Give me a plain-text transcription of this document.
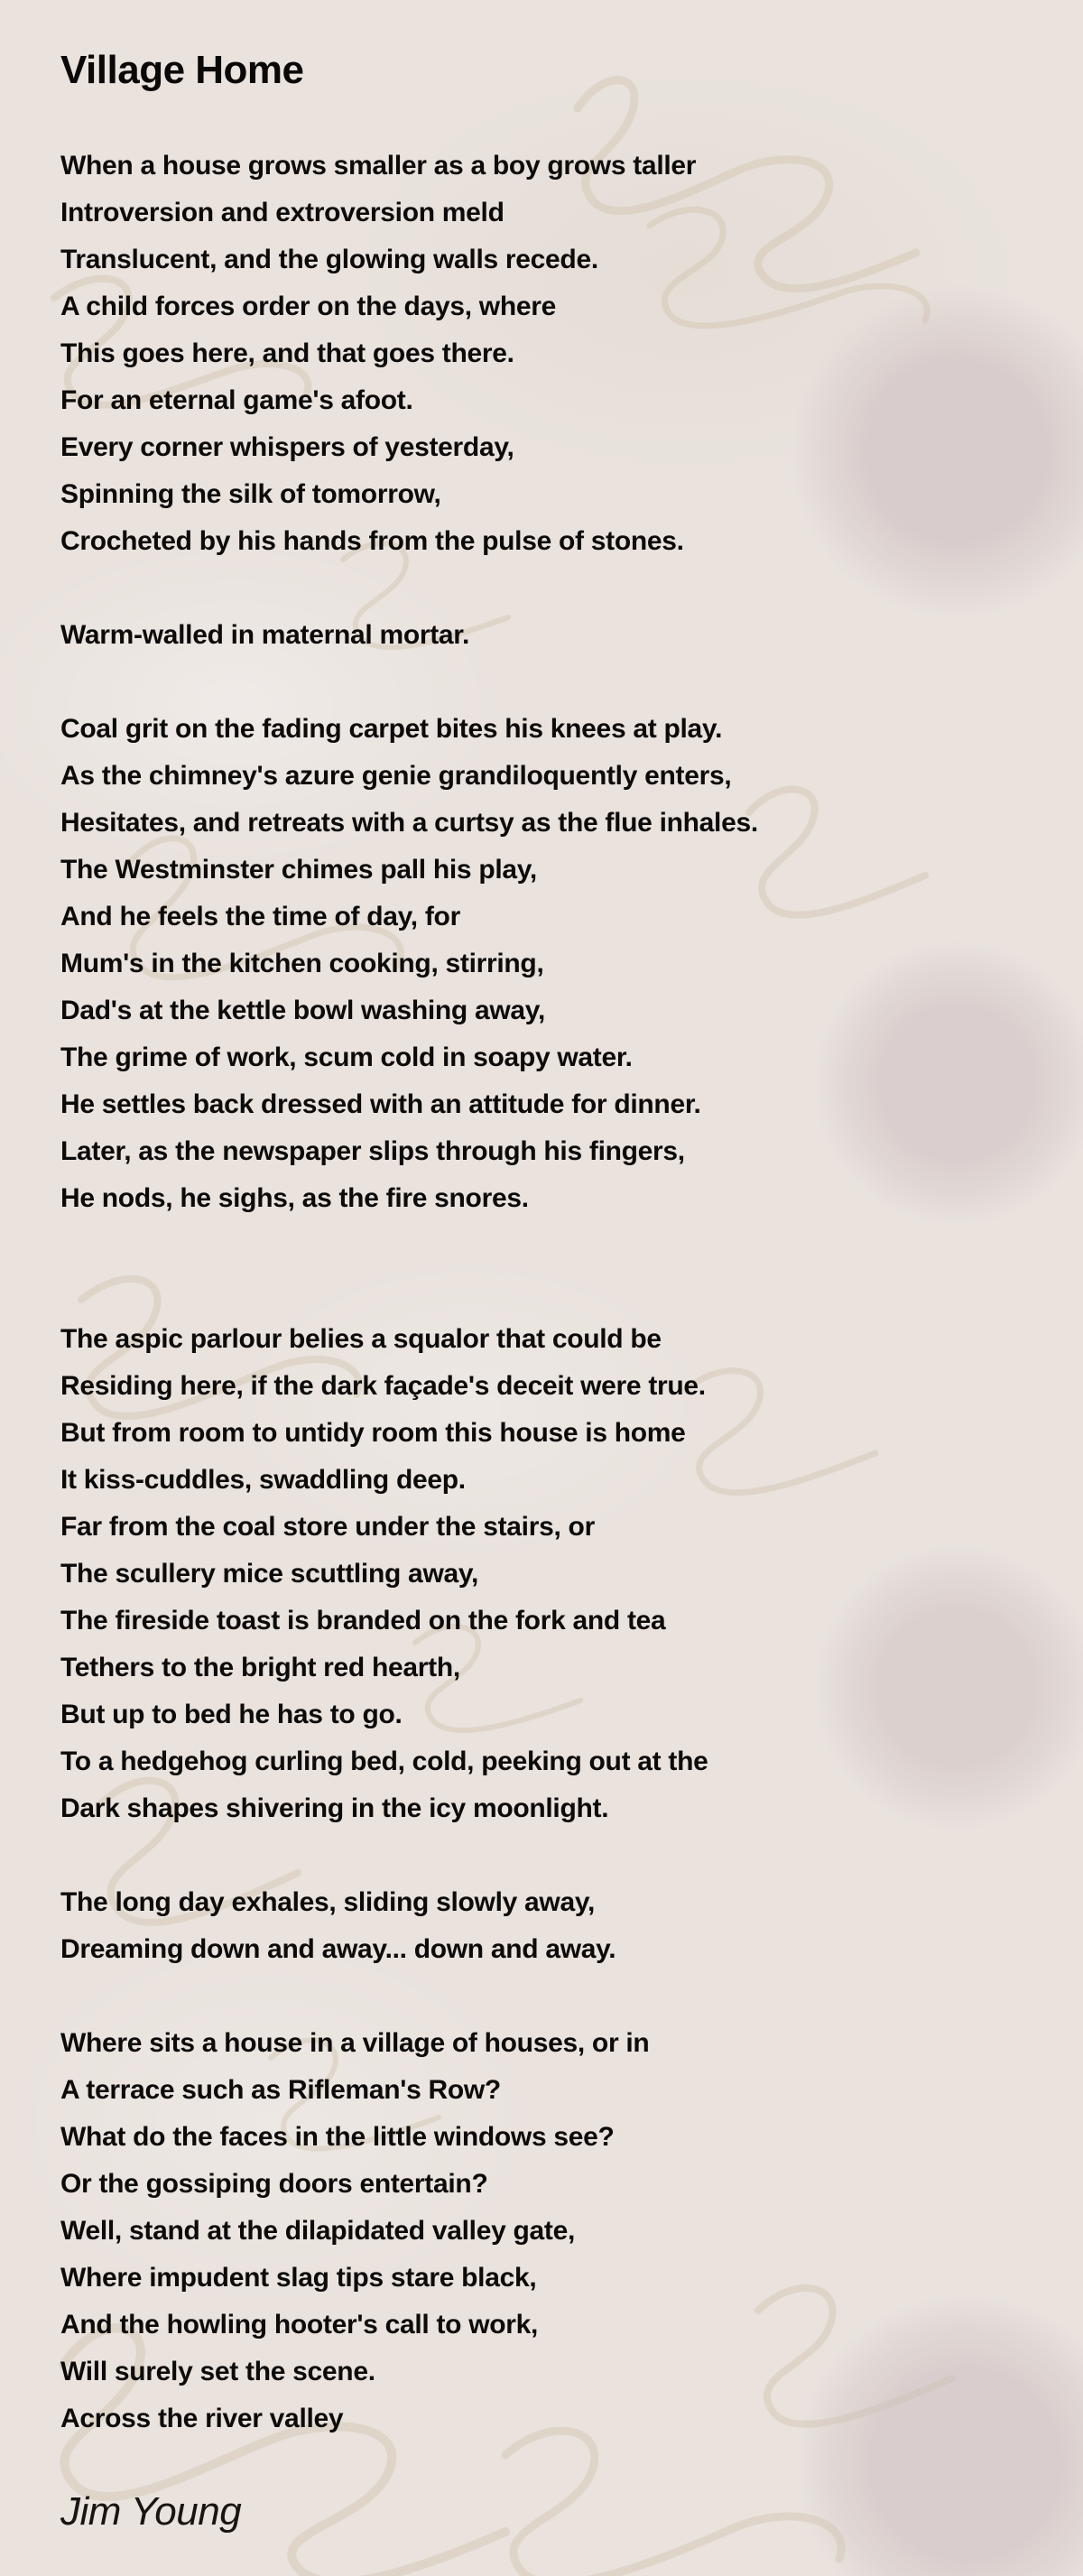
Village Home

When a house grows smaller as a boy grows taller

Introversion and extroversion meld

Translucent, and the glowing walls recede.

A child forces order on the days, where

This goes here, and that goes there.

For an eternal game's afoot.

Every corner whispers of yesterday,

Spinning the silk of tomorrow,

Crocheted by his hands from the pulse of stones.

Warm-walled in maternal mortar.

Coal grit on the fading carpet bites his knees at play.

As the chimney's azure genie grandiloquently enters,

Hesitates, and retreats with a curtsy as the flue inhales.

The Westminster chimes pall his play,

And he feels the time of day, for

Mum's in the kitchen cooking, stirring,

Dad's at the kettle bowl washing away,

The grime of work, scum cold in soapy water.

He settles back dressed with an attitude for dinner.

Later, as the newspaper slips through his fingers,

He nods, he sighs, as the fire snores.

The aspic parlour belies a squalor that could be

Residing here, if the dark façade's deceit were true.

But from room to untidy room this house is home

It kiss-cuddles, swaddling deep.

Far from the coal store under the stairs, or

The scullery mice scuttling away,

The fireside toast is branded on the fork and tea

Tethers to the bright red hearth,

But up to bed he has to go.

To a hedgehog curling bed, cold, peeking out at the

Dark shapes shivering in the icy moonlight.

The long day exhales, sliding slowly away,

Dreaming down and away... down and away.

Where sits a house in a village of houses, or in

A terrace such as Rifleman's Row?

What do the faces in the little windows see?

Or the gossiping doors entertain?

Well, stand at the dilapidated valley gate,

Where impudent slag tips stare black,

And the howling hooter's call to work,

Will surely set the scene.

Across the river valley

Jim Young
